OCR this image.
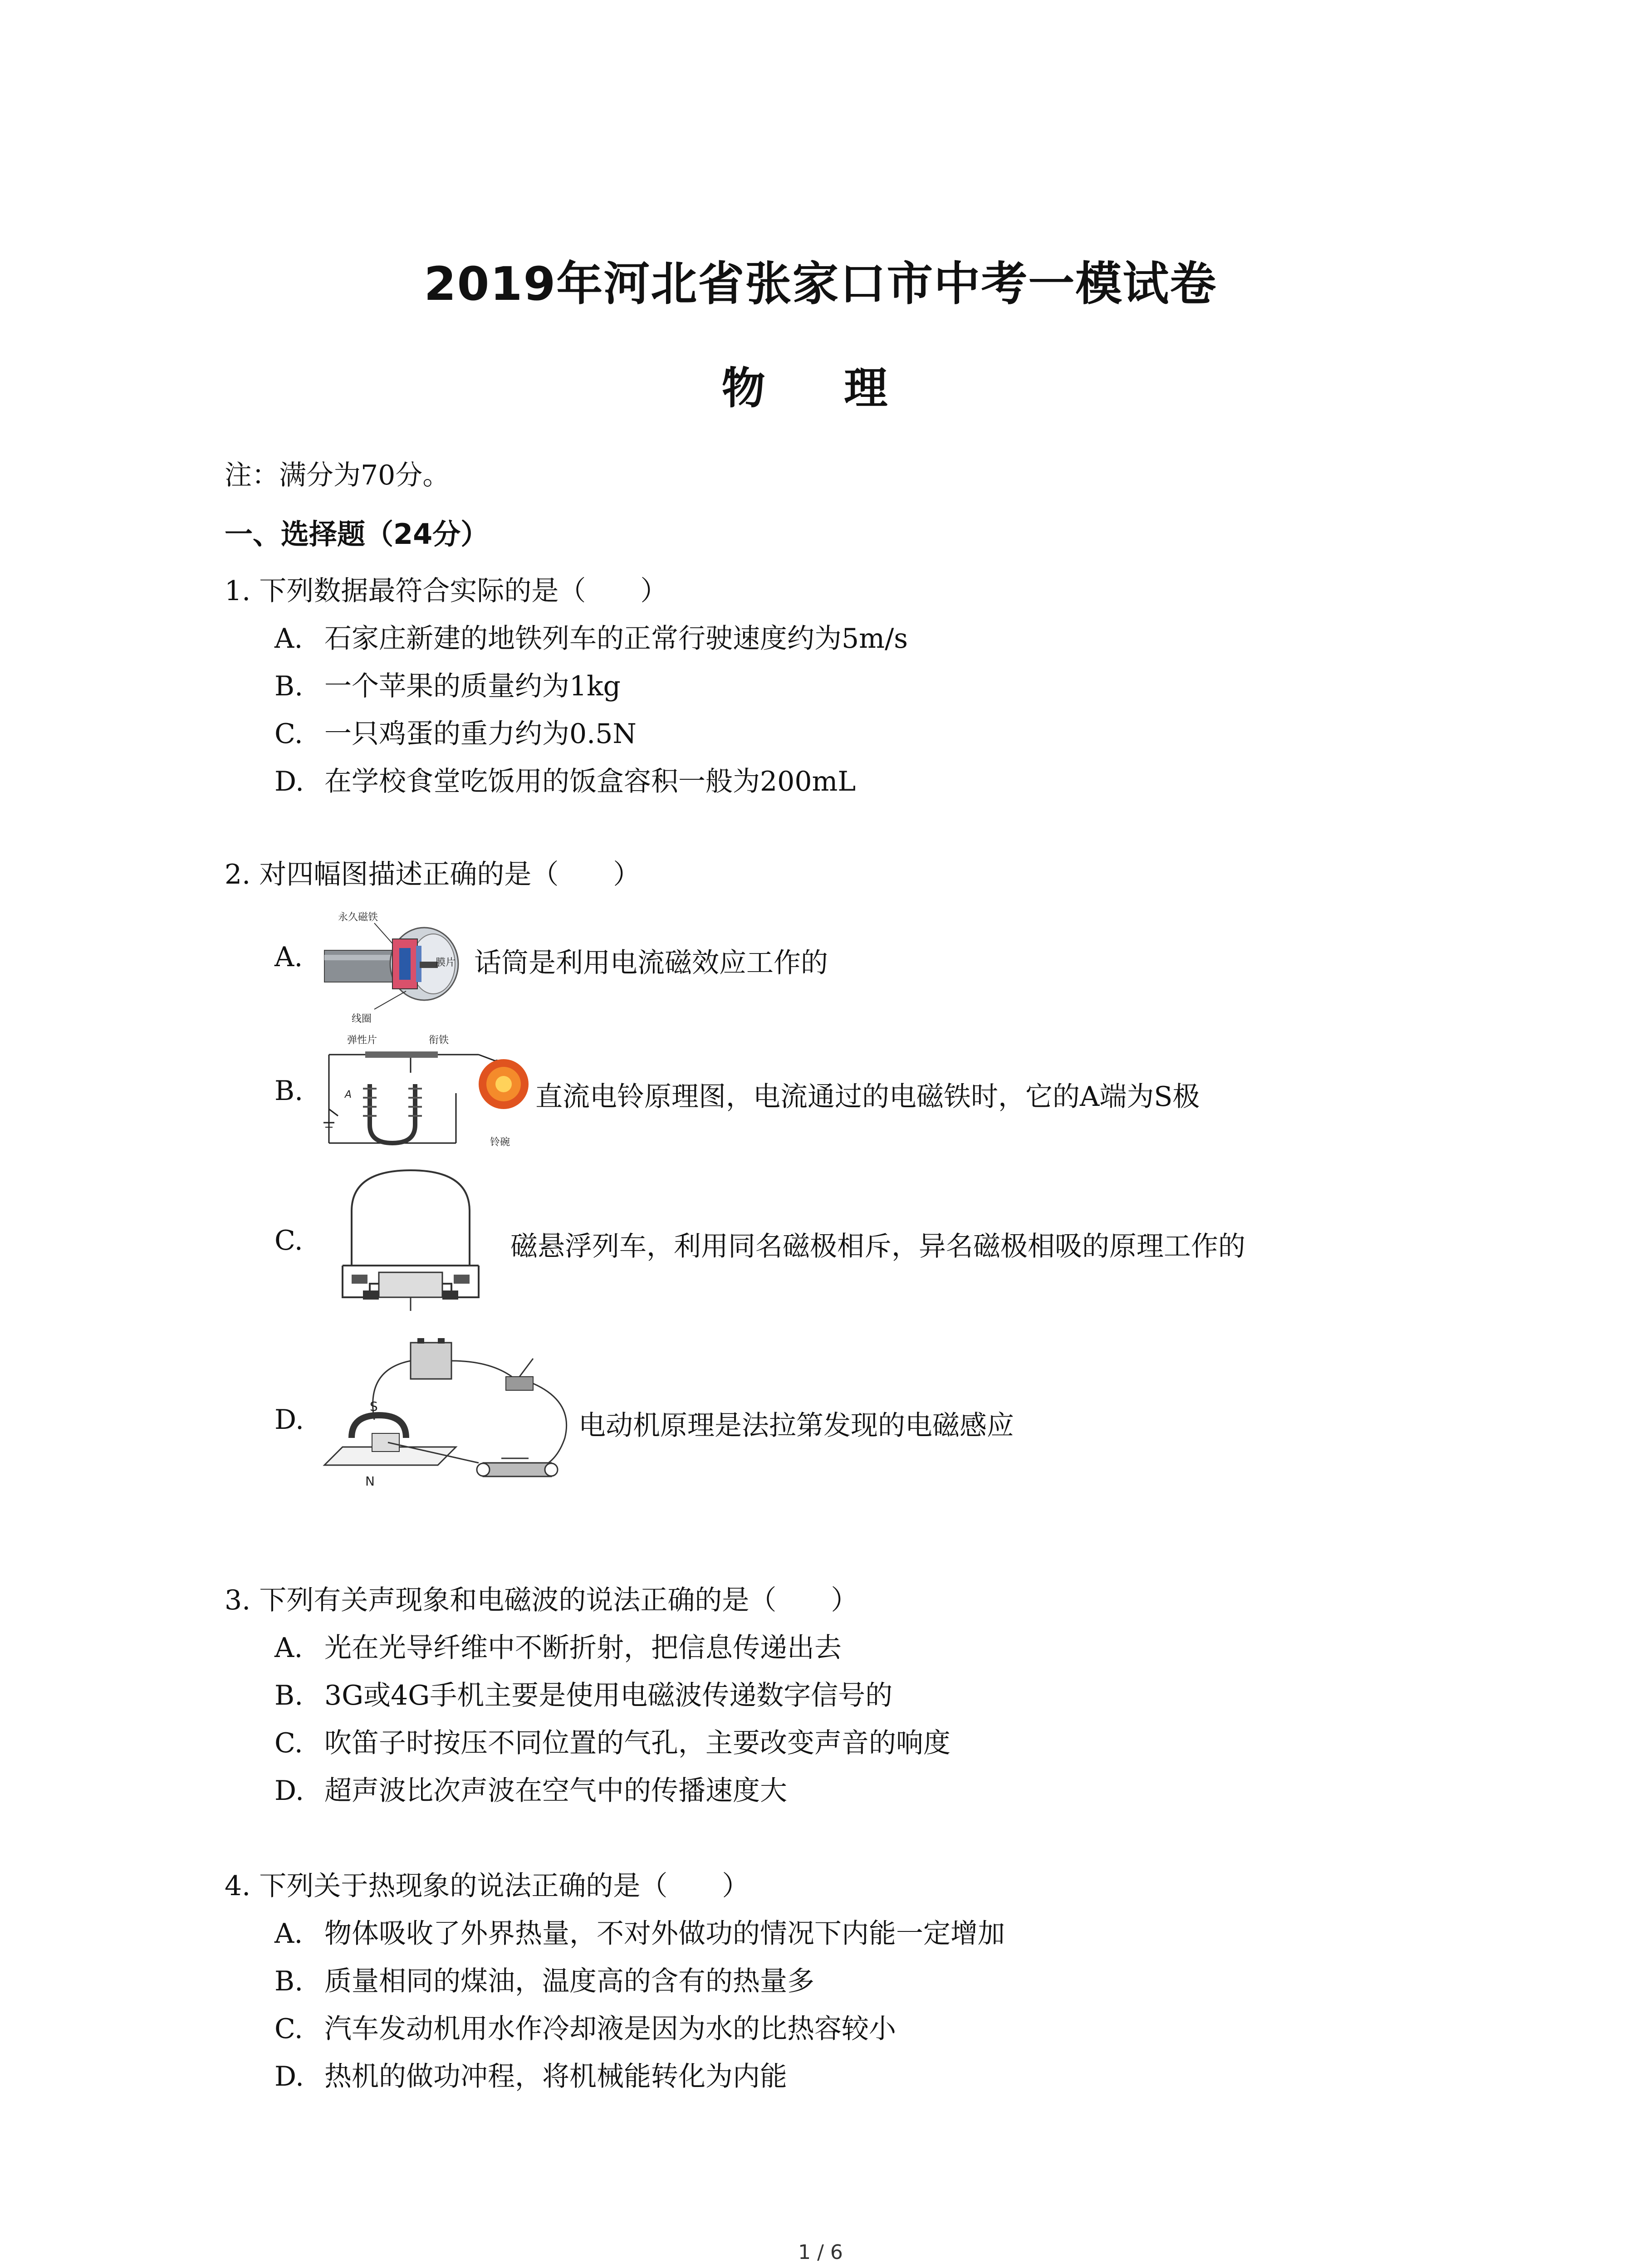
2019年河北省张家口市中考一模试卷
物 理
注：满分为70分。
一、选择题（24分）
1. 下列数据最符合实际的是（　　）
A. 石家庄新建的地铁列车的正常行驶速度约为5m/s
B. 一个苹果的质量约为1kg
C. 一只鸡蛋的重力约为0.5N
D. 在学校食堂吃饭用的饭盒容积一般为200mL
2. 对四幅图描述正确的是（　　）
A.
永久磁铁
膜片
线圈
话筒是利用电流磁效应工作的
B.
弹性片	衔铁
A
铃碗
直流电铃原理图，电流通过的电磁铁时，它的A端为S极
C.	磁悬浮列车，利用同名磁极相斥，异名磁极相吸的原理工作的
D.	S
N
电动机原理是法拉第发现的电磁感应
3. 下列有关声现象和电磁波的说法正确的是（　　）
A. 光在光导纤维中不断折射，把信息传递出去
B. 3G或4G手机主要是使用电磁波传递数字信号的
C. 吹笛子时按压不同位置的气孔，主要改变声音的响度
D. 超声波比次声波在空气中的传播速度大
4. 下列关于热现象的说法正确的是（　　）
A. 物体吸收了外界热量，不对外做功的情况下内能一定增加
B. 质量相同的煤油，温度高的含有的热量多
C. 汽车发动机用水作冷却液是因为水的比热容较小
D. 热机的做功冲程，将机械能转化为内能
1 / 6
